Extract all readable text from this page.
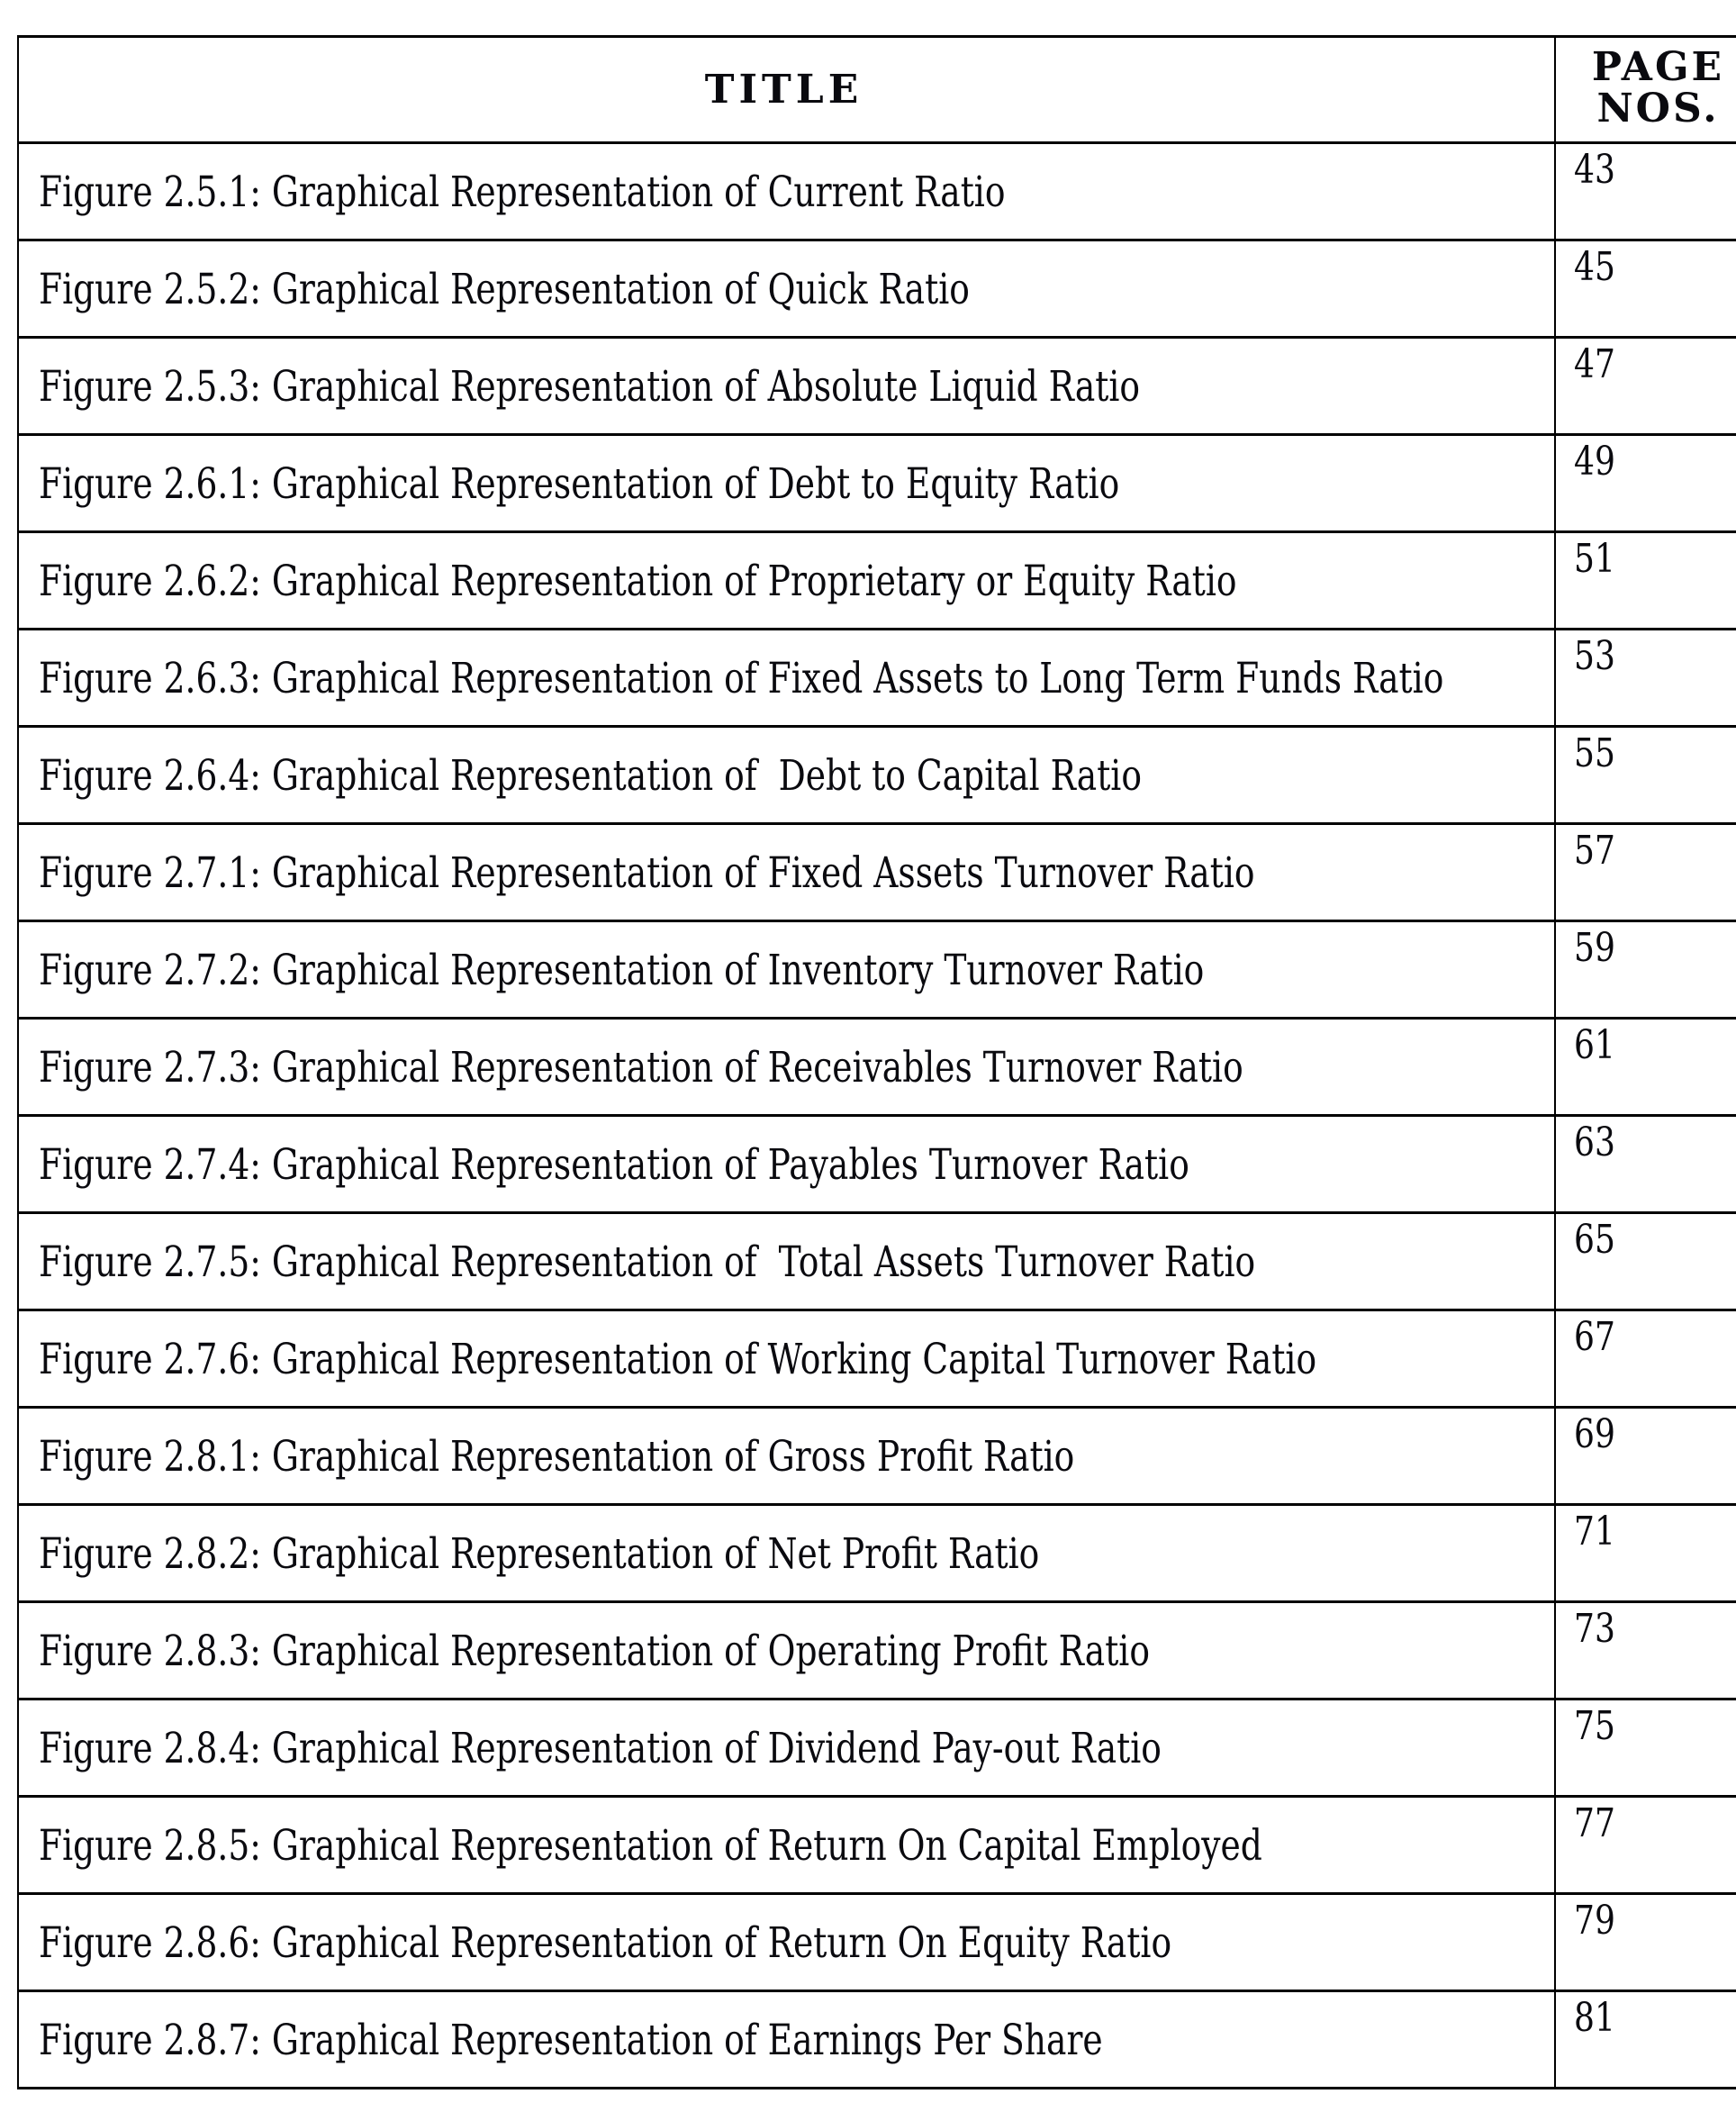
TITLE	PAGE
NOS.

Figure 2.5.1: Graphical Representation of Current Ratio	43

Figure 2.5.2: Graphical Representation of Quick Ratio	45

Figure 2.5.3: Graphical Representation of Absolute Liquid Ratio	47

Figure 2.6.1: Graphical Representation of Debt to Equity Ratio	49

Figure 2.6.2: Graphical Representation of Proprietary or Equity Ratio	51

Figure 2.6.3: Graphical Representation of Fixed Assets to Long Term Funds Ratio	53

Figure 2.6.4: Graphical Representation of  Debt to Capital Ratio	55

Figure 2.7.1: Graphical Representation of Fixed Assets Turnover Ratio	57

Figure 2.7.2: Graphical Representation of Inventory Turnover Ratio	59

Figure 2.7.3: Graphical Representation of Receivables Turnover Ratio	61

Figure 2.7.4: Graphical Representation of Payables Turnover Ratio	63

Figure 2.7.5: Graphical Representation of  Total Assets Turnover Ratio	65

Figure 2.7.6: Graphical Representation of Working Capital Turnover Ratio	67

Figure 2.8.1: Graphical Representation of Gross Profit Ratio	69

Figure 2.8.2: Graphical Representation of Net Profit Ratio	71

Figure 2.8.3: Graphical Representation of Operating Profit Ratio	73

Figure 2.8.4: Graphical Representation of Dividend Pay-out Ratio	75

Figure 2.8.5: Graphical Representation of Return On Capital Employed	77

Figure 2.8.6: Graphical Representation of Return On Equity Ratio	79

Figure 2.8.7: Graphical Representation of Earnings Per Share	81
